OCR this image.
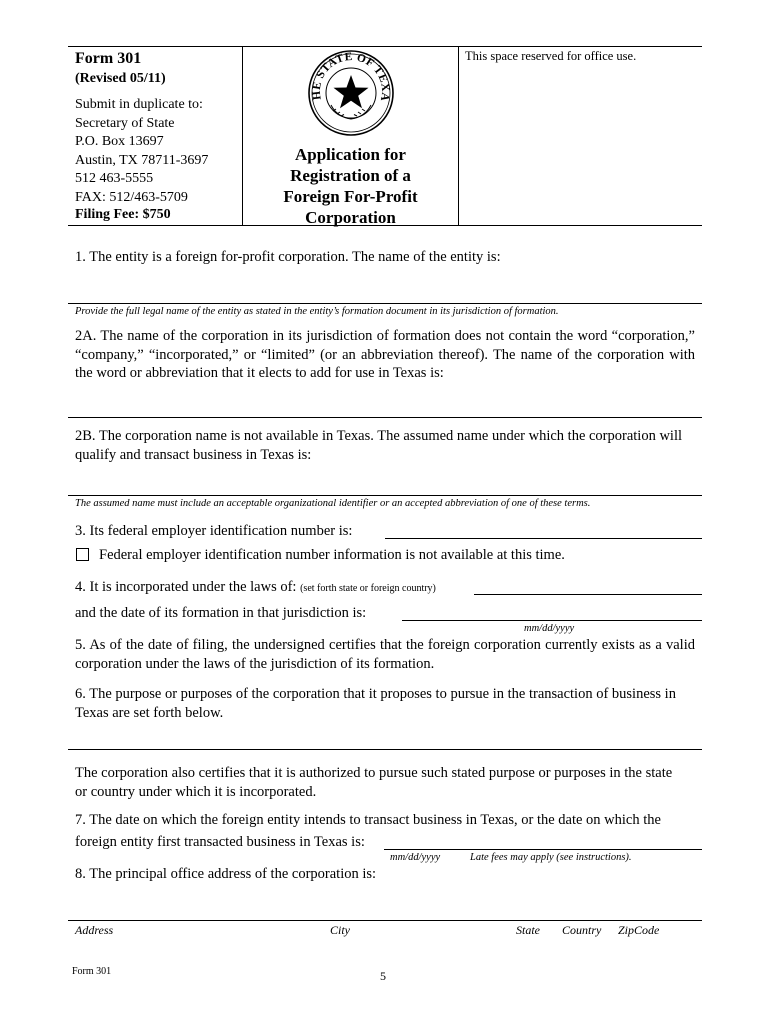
Form 301
(Revised 05/11)
Submit in duplicate to:
Secretary of State
P.O. Box 13697
Austin, TX 78711-3697
512 463-5555
FAX: 512/463-5709
Filing Fee: $750
HE STATE OF TEXA
Application for
Registration of a
Foreign For-Profit
Corporation
This space reserved for office use.
1. The entity is a foreign for-profit corporation. The name of the entity is:
Provide the full legal name of the entity as stated in the entity’s formation document in its jurisdiction of formation.
2A. The name of the corporation in its jurisdiction of formation does not contain the word “corporation,” “company,” “incorporated,” or “limited” (or an abbreviation thereof). The name of the corporation with the word or abbreviation that it elects to add for use in Texas is:
2B. The corporation name is not available in Texas. The assumed name under which the corporation will qualify and transact business in Texas is:
The assumed name must include an acceptable organizational identifier or an accepted abbreviation of one of these terms.
3. Its federal employer identification number is:
Federal employer identification number information is not available at this time.
4. It is incorporated under the laws of: (set forth state or foreign country)
and the date of its formation in that jurisdiction is:
mm/dd/yyyy
5. As of the date of filing, the undersigned certifies that the foreign corporation currently exists as a valid corporation under the laws of the jurisdiction of its formation.
6. The purpose or purposes of the corporation that it proposes to pursue in the transaction of business in Texas are set forth below.
The corporation also certifies that it is authorized to pursue such stated purpose or purposes in the state or country under which it is incorporated.
7. The date on which the foreign entity intends to transact business in Texas, or the date on which the
foreign entity first transacted business in Texas is:
mm/dd/yyyy	Late fees may apply (see instructions).
8. The principal office address of the corporation is:
Address	City	State Country ZipCode
Form 301	5
